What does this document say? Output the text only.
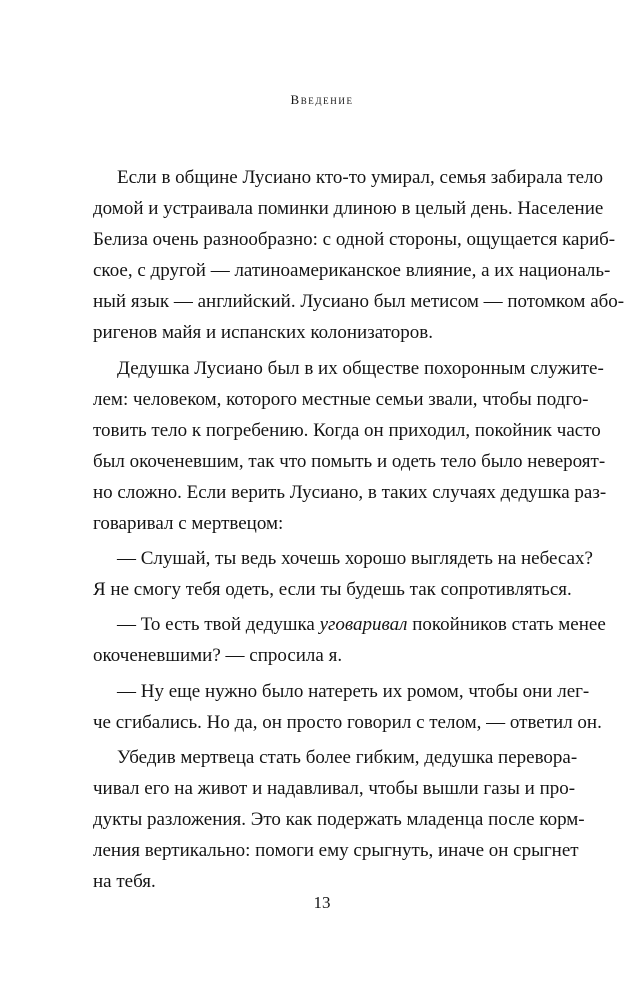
Введение
Если в общине Лусиано кто-то умирал, семья забирала тело
домой и устраивала поминки длиною в целый день. Население
Белиза очень разнообразно: с одной стороны, ощущается кариб-
ское, с другой — латиноамериканское влияние, а их националь-
ный язык — английский. Лусиано был метисом — потомком або-
ригенов майя и испанских колонизаторов.
Дедушка Лусиано был в их обществе похоронным служите-
лем: человеком, которого местные семьи звали, чтобы подго-
товить тело к погребению. Когда он приходил, покойник часто
был окоченевшим, так что помыть и одеть тело было невероят-
но сложно. Если верить Лусиано, в таких случаях дедушка раз-
говаривал с мертвецом:
— Слушай, ты ведь хочешь хорошо выглядеть на небесах?
Я не смогу тебя одеть, если ты будешь так сопротивляться.
— То есть твой дедушка уговаривал покойников стать менее
окоченевшими? — спросила я.
— Ну еще нужно было натереть их ромом, чтобы они лег-
че сгибались. Но да, он просто говорил с телом, — ответил он.
Убедив мертвеца стать более гибким, дедушка перевора-
чивал его на живот и надавливал, чтобы вышли газы и про-
дукты разложения. Это как подержать младенца после корм-
ления вертикально: помоги ему срыгнуть, иначе он срыгнет
на тебя.
13
